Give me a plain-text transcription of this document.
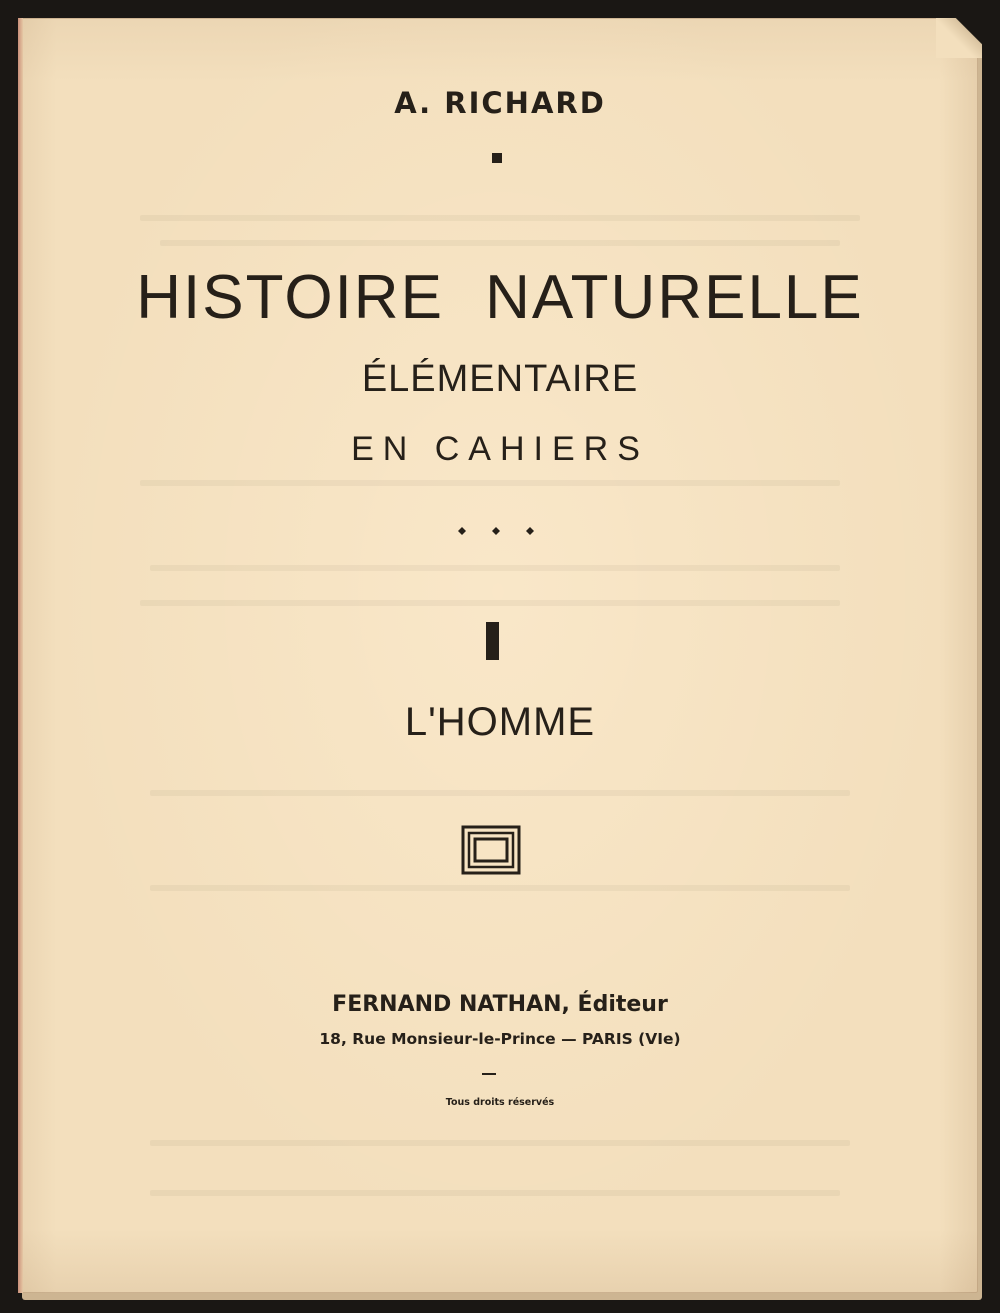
A. RICHARD

HISTOIRE NATURELLE

ÉLÉMENTAIRE

EN CAHIERS

L'HOMME

FERNAND NATHAN, Éditeur

18, Rue Monsieur-le-Prince — PARIS (VIe)

Tous droits réservés
